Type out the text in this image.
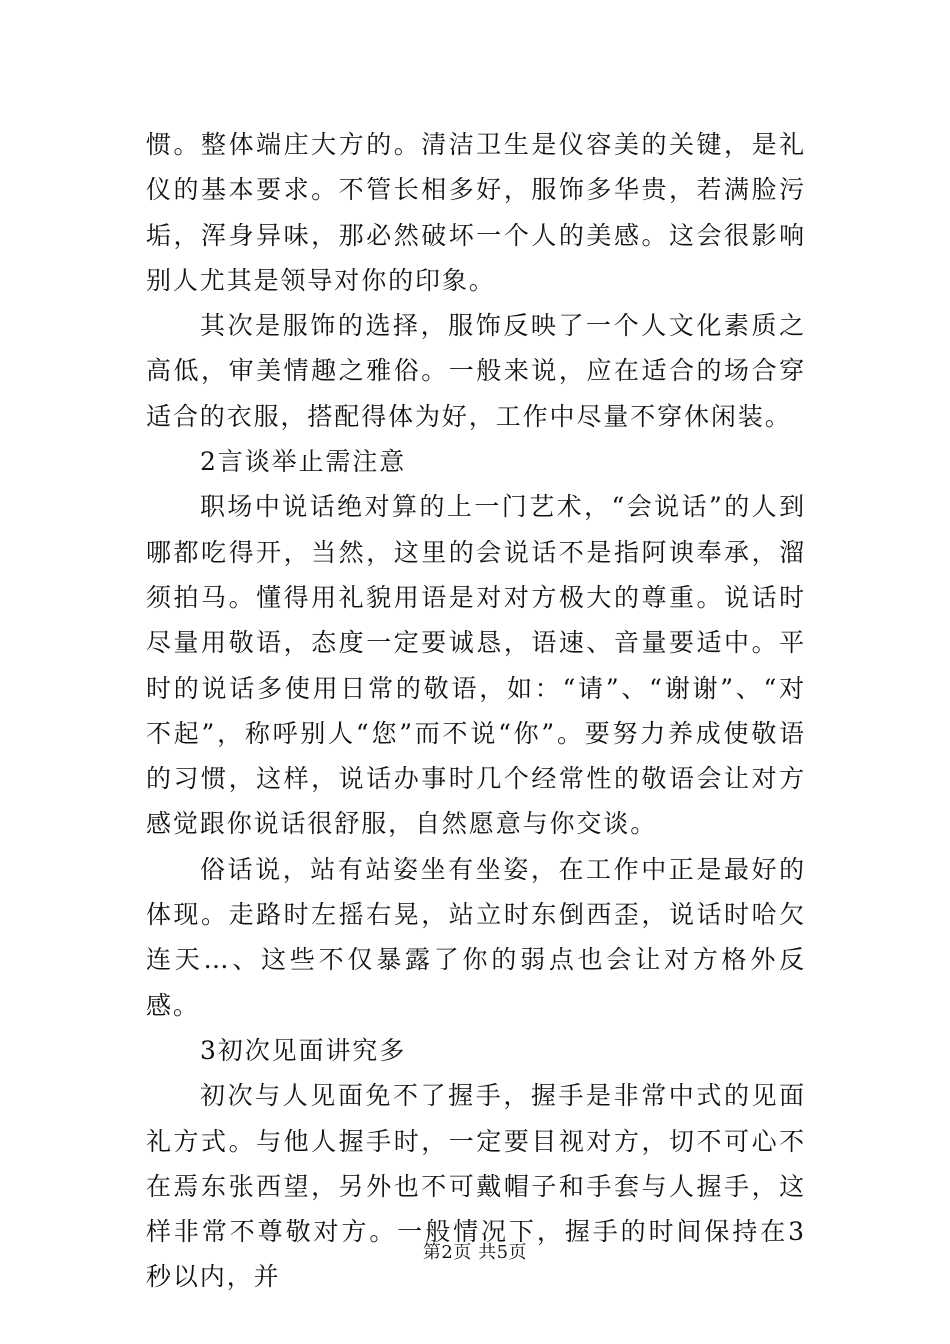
惯。整体端庄大方的。清洁卫生是仪容美的关键，是礼仪的基本要求。不管长相多好，服饰多华贵，若满脸污垢，浑身异味，那必然破坏一个人的美感。这会很影响别人尤其是领导对你的印象。

其次是服饰的选择，服饰反映了一个人文化素质之高低，审美情趣之雅俗。一般来说，应在适合的场合穿适合的衣服，搭配得体为好，工作中尽量不穿休闲装。

2言谈举止需注意

职场中说话绝对算的上一门艺术，“会说话”的人到哪都吃得开，当然，这里的会说话不是指阿谀奉承，溜须拍马。懂得用礼貌用语是对对方极大的尊重。说话时尽量用敬语，态度一定要诚恳，语速、音量要适中。平时的说话多使用日常的敬语，如：“请”、“谢谢”、“对不起”，称呼别人“您”而不说“你”。要努力养成使敬语的习惯，这样，说话办事时几个经常性的敬语会让对方感觉跟你说话很舒服，自然愿意与你交谈。

俗话说，站有站姿坐有坐姿，在工作中正是最好的体现。走路时左摇右晃，站立时东倒西歪，说话时哈欠连天…、这些不仅暴露了你的弱点也会让对方格外反感。

3初次见面讲究多

初次与人见面免不了握手，握手是非常中式的见面礼方式。与他人握手时，一定要目视对方，切不可心不在焉东张西望，另外也不可戴帽子和手套与人握手，这样非常不尊敬对方。一般情况下，握手的时间保持在3秒以内，并

第2页 共5页
